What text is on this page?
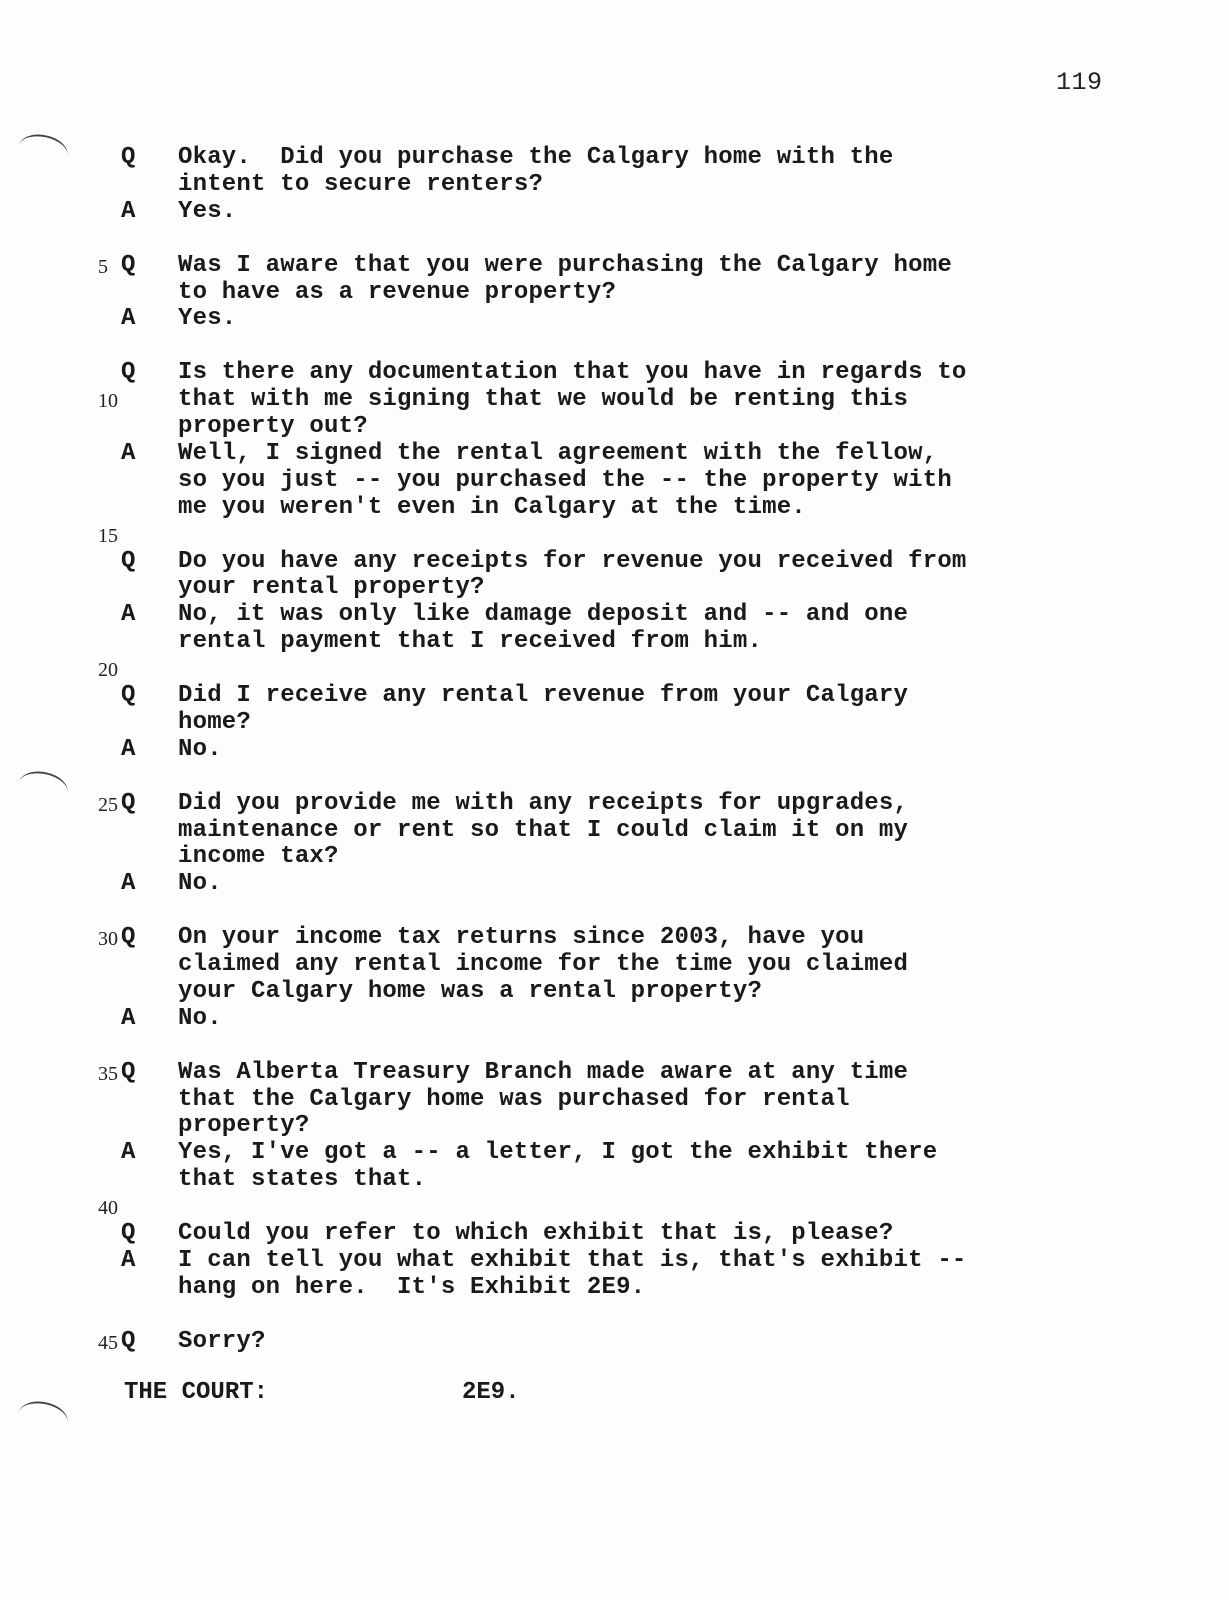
119
Q	Okay.  Did you purchase the Calgary home with the
intent to secure renters?
A	Yes.
5 Q	Was I aware that you were purchasing the Calgary home
to have as a revenue property?
A	Yes.
Q	Is there any documentation that you have in regards to
10	that with me signing that we would be renting this
property out?
A	Well, I signed the rental agreement with the fellow,
so you just -- you purchased the -- the property with
me you weren't even in Calgary at the time.
15
Q	Do you have any receipts for revenue you received from
your rental property?
A	No, it was only like damage deposit and -- and one
rental payment that I received from him.
20
Q	Did I receive any rental revenue from your Calgary
home?
A	No.
25 Q	Did you provide me with any receipts for upgrades,
maintenance or rent so that I could claim it on my
income tax?
A	No.
30 Q	On your income tax returns since 2003, have you
claimed any rental income for the time you claimed
your Calgary home was a rental property?
A	No.
35 Q	Was Alberta Treasury Branch made aware at any time
that the Calgary home was purchased for rental
property?
A	Yes, I've got a -- a letter, I got the exhibit there
that states that.
40
Q	Could you refer to which exhibit that is, please?
A	I can tell you what exhibit that is, that's exhibit --
hang on here.  It's Exhibit 2E9.
45 Q	Sorry?
THE COURT:	2E9.
